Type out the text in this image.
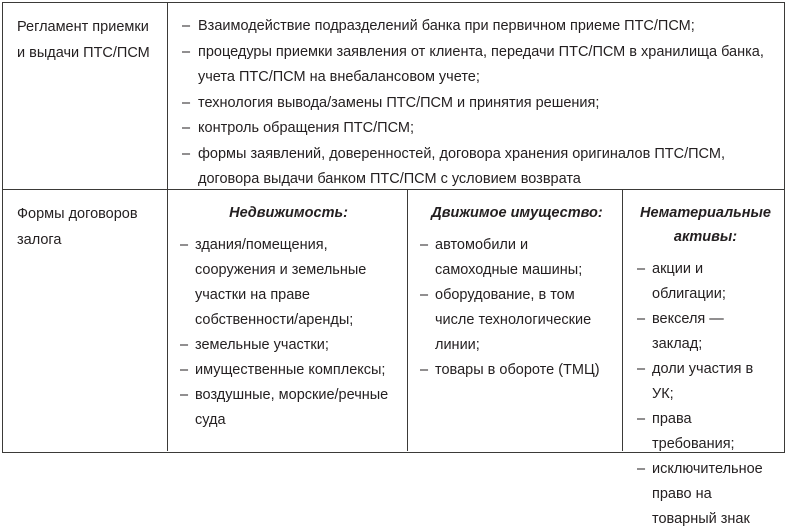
Регламент приемки и выдачи ПТС/ПСМ
– Взаимодействие подразделений банка при первичном приеме ПТС/ПСМ;
– процедуры приемки заявления от клиента, передачи ПТС/ПСМ в хранилища банка, учета ПТС/ПСМ на внебалансовом учете;
– технология вывода/замены ПТС/ПСМ и принятия решения;
– контроль обращения ПТС/ПСМ;
– формы заявлений, доверенностей, договора хранения оригиналов ПТС/ПСМ, договора выдачи банком ПТС/ПСМ с условием возврата
Формы договоров залога
Недвижимость:
– здания/помещения, сооружения и земельные участки на праве собственности/аренды;
– земельные участки;
– имущественные комплексы;
– воздушные, морские/речные суда
Движимое имущество:
– автомобили и самоходные машины;
– оборудование, в том числе технологические линии;
– товары в обороте (ТМЦ)
Нематериальные активы:
– акции и облигации;
– векселя — заклад;
– доли участия в УК;
– права требования;
– исключительное право на товарный знак
